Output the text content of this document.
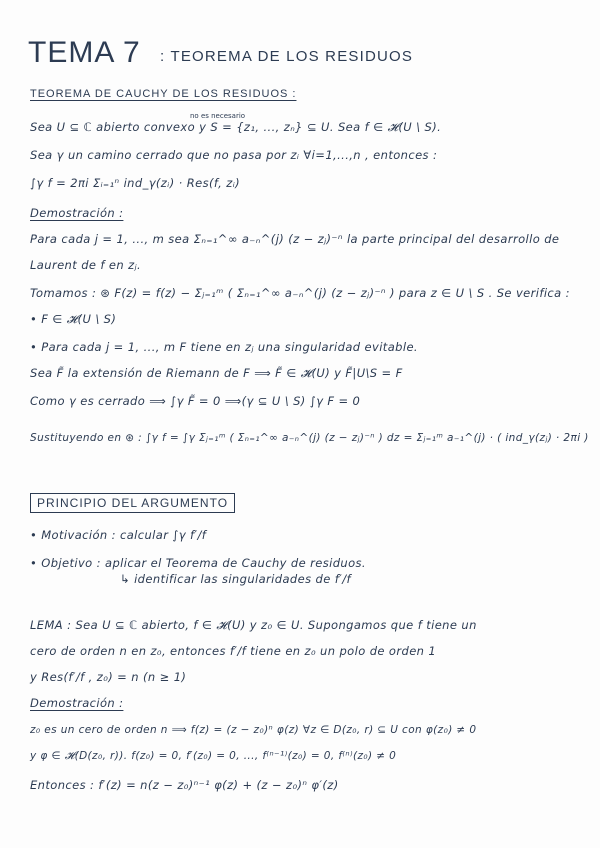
TEMA 7 : TEOREMA DE LOS RESIDUOS
TEOREMA DE CAUCHY DE LOS RESIDUOS :
no es necesario
Sea U ⊆ ℂ abierto convexo y S = {z₁, ..., zₙ} ⊆ U. Sea f ∈ 𝓗(U \ S).
Sea γ un camino cerrado que no pasa por zᵢ ∀i=1,...,n , entonces :
∫γ f = 2πi Σᵢ₌₁ⁿ ind_γ(zᵢ) · Res(f, zᵢ)
Demostración :
Para cada j = 1, ..., m sea Σₙ₌₁^∞ a₋ₙ^(j) (z − zⱼ)⁻ⁿ la parte principal del desarrollo de
Laurent de f en zⱼ.
Tomamos : ⊛ F(z) = f(z) − Σⱼ₌₁ᵐ ( Σₙ₌₁^∞ a₋ₙ^(j) (z − zⱼ)⁻ⁿ ) para z ∈ U \ S . Se verifica :
• F ∈ 𝓗(U \ S)
• Para cada j = 1, ..., m F tiene en zⱼ una singularidad evitable.
Sea F̃ la extensión de Riemann de F ⟹ F̃ ∈ 𝓗(U) y F̃|U\S = F
Como γ es cerrado ⟹ ∫γ F̃ = 0 ⟹(γ ⊆ U \ S) ∫γ F = 0
Sustituyendo en ⊛ : ∫γ f = ∫γ Σⱼ₌₁ᵐ ( Σₙ₌₁^∞ a₋ₙ^(j) (z − zⱼ)⁻ⁿ ) dz = Σⱼ₌₁ᵐ a₋₁^(j) · ( ind_γ(zⱼ) · 2πi )
PRINCIPIO DEL ARGUMENTO
• Motivación : calcular ∫γ f′/f
• Objetivo : aplicar el Teorema de Cauchy de residuos.
↳ identificar las singularidades de f′/f
LEMA : Sea U ⊆ ℂ abierto, f ∈ 𝓗(U) y z₀ ∈ U. Supongamos que f tiene un
cero de orden n en z₀, entonces f′/f tiene en z₀ un polo de orden 1
y Res(f′/f , z₀) = n (n ≥ 1)
Demostración :
z₀ es un cero de orden n ⟹ f(z) = (z − z₀)ⁿ φ(z) ∀z ∈ D(z₀, r) ⊆ U con φ(z₀) ≠ 0
y φ ∈ 𝓗(D(z₀, r)). f(z₀) = 0, f′(z₀) = 0, ..., f⁽ⁿ⁻¹⁾(z₀) = 0, f⁽ⁿ⁾(z₀) ≠ 0
Entonces : f′(z) = n(z − z₀)ⁿ⁻¹ φ(z) + (z − z₀)ⁿ φ′(z)
